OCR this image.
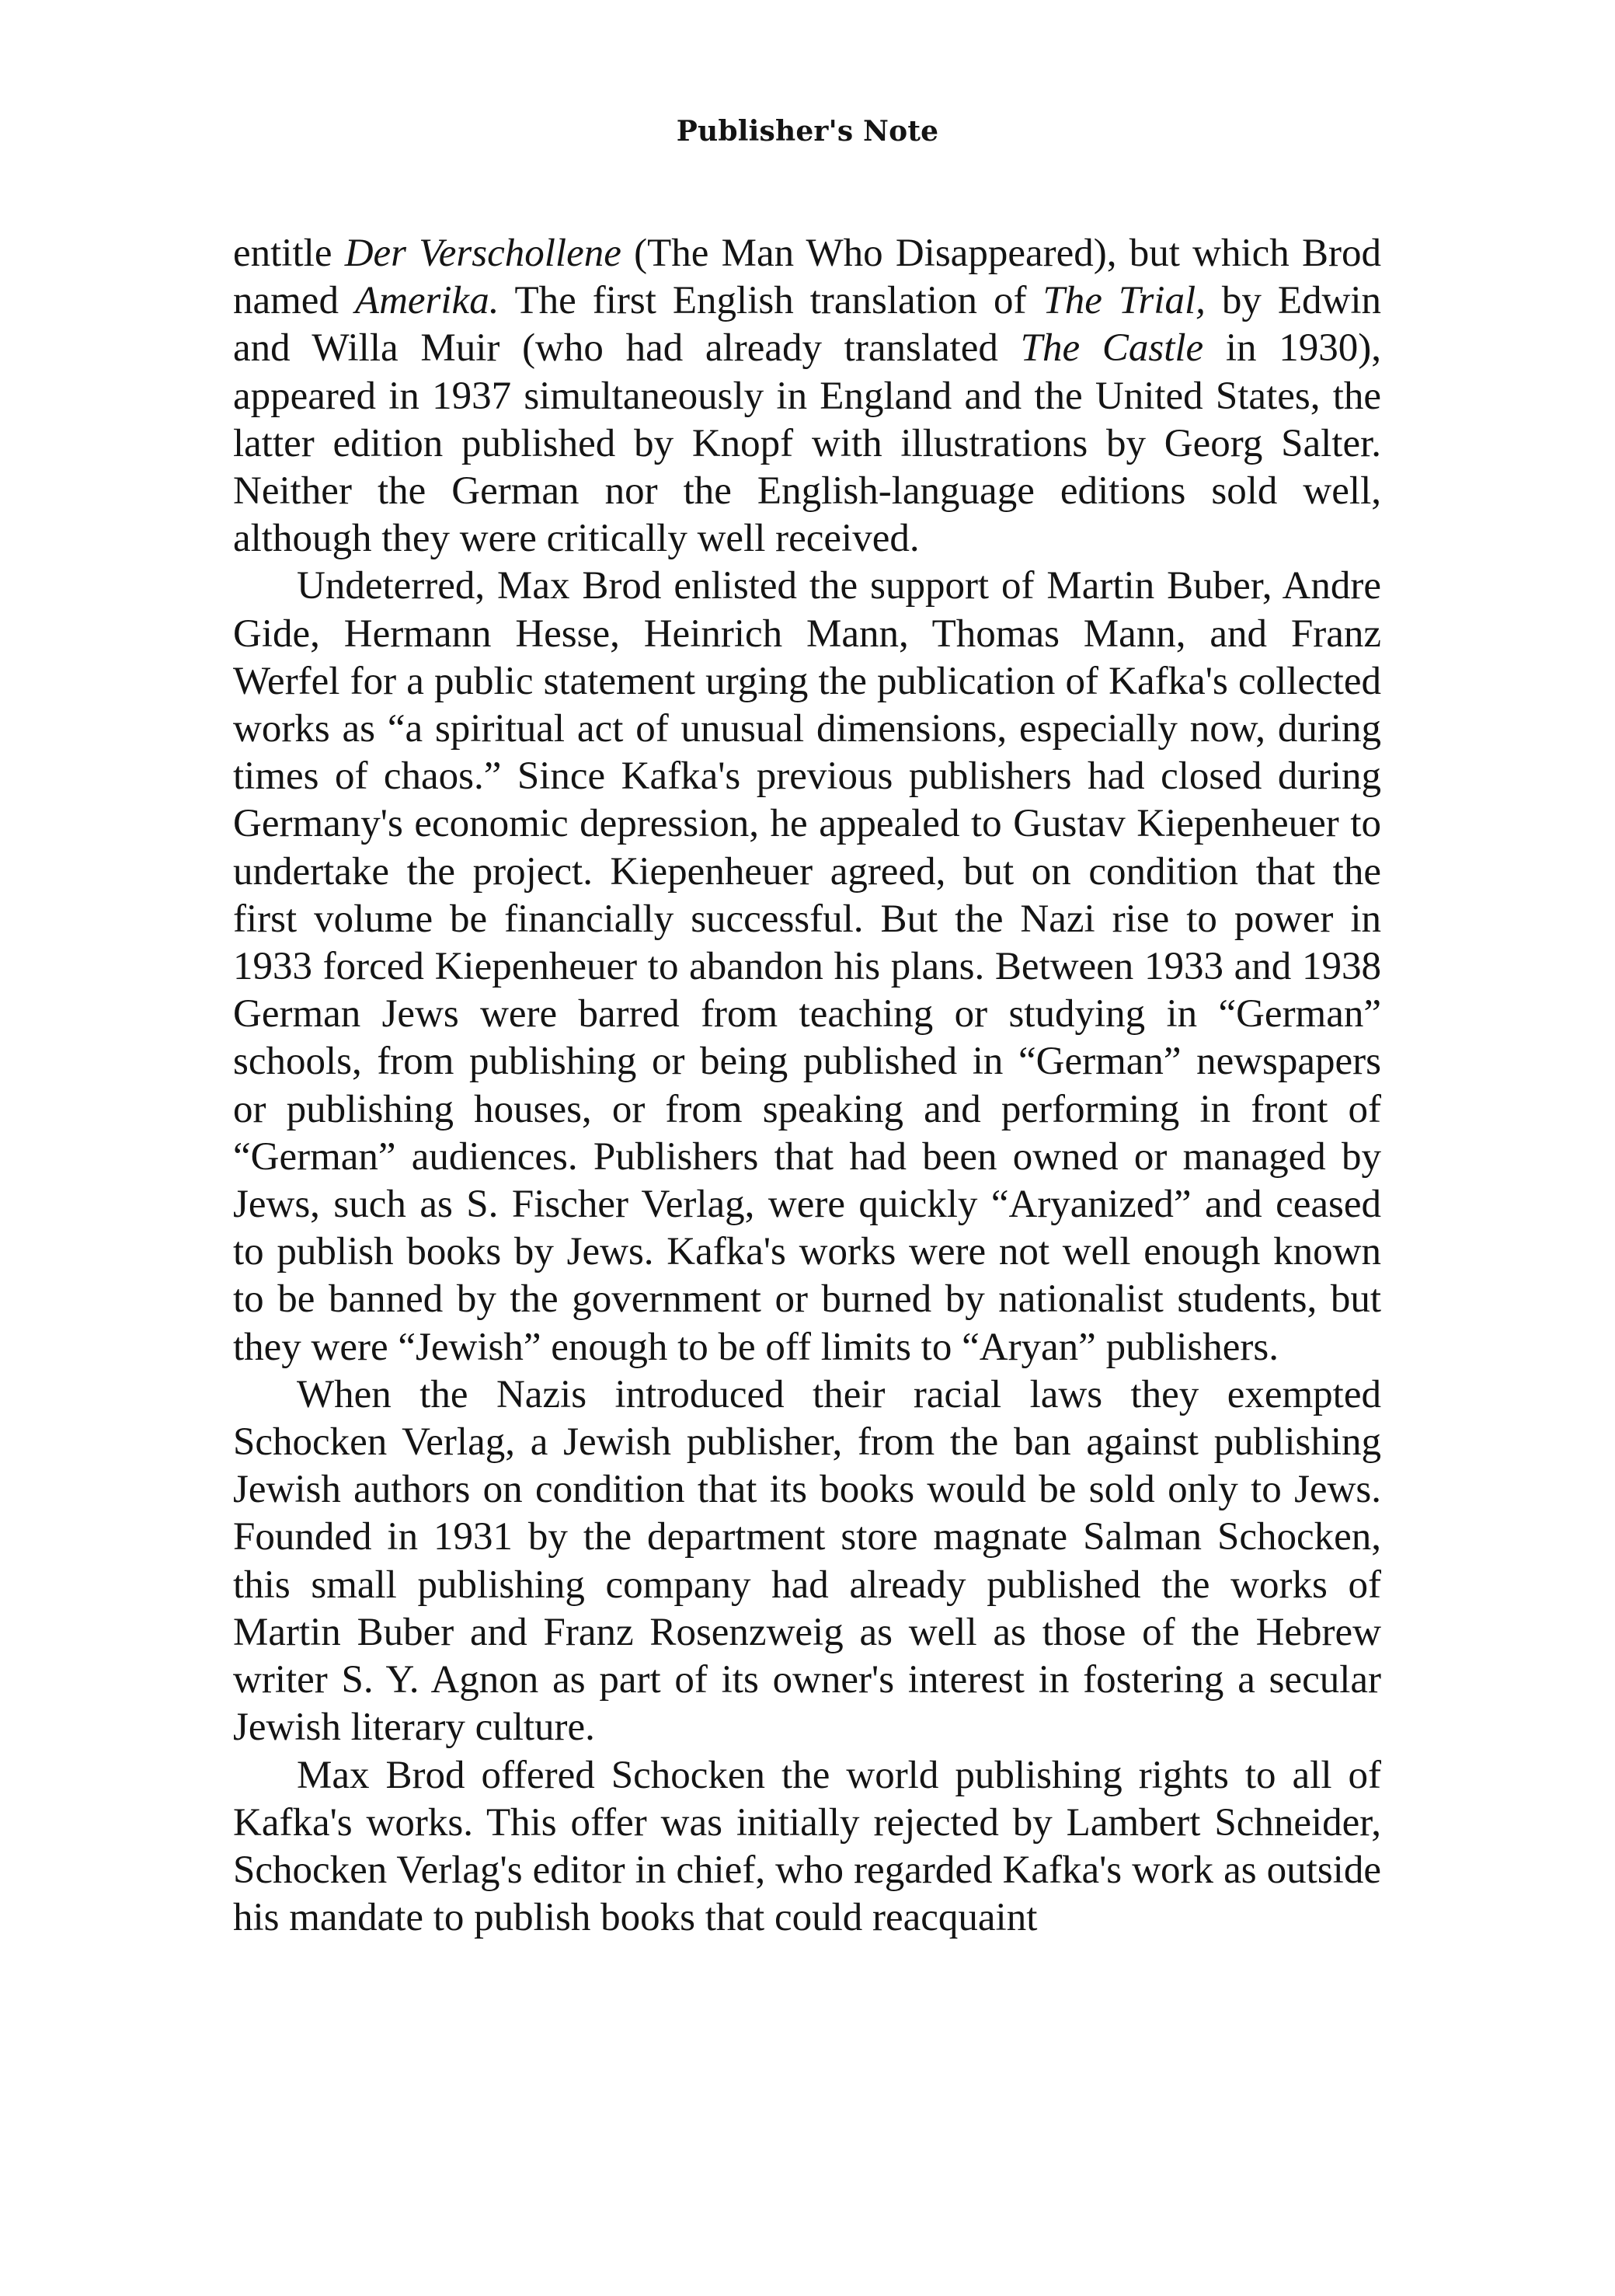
Publisher's Note

entitle Der Verschollene (The Man Who Disappeared), but which Brod named Amerika. The first English translation of The Trial, by Edwin and Willa Muir (who had already translated The Castle in 1930), appeared in 1937 simultaneously in England and the United States, the latter edition published by Knopf with illustrations by Georg Salter. Neither the German nor the English-language editions sold well, although they were critically well received.

Undeterred, Max Brod enlisted the support of Martin Buber, Andre Gide, Hermann Hesse, Heinrich Mann, Thomas Mann, and Franz Werfel for a public statement urging the publication of Kafka's collected works as “a spiritual act of unusual dimensions, especially now, during times of chaos.” Since Kafka's previous publishers had closed during Germany's economic depression, he appealed to Gustav Kiepenheuer to undertake the project. Kiepenheuer agreed, but on condition that the first volume be financially successful. But the Nazi rise to power in 1933 forced Kiepenheuer to abandon his plans. Between 1933 and 1938 German Jews were barred from teaching or studying in “German” schools, from publishing or being published in “German” newspapers or publishing houses, or from speaking and performing in front of “German” audiences. Publishers that had been owned or managed by Jews, such as S. Fischer Verlag, were quickly “Aryanized” and ceased to publish books by Jews. Kafka's works were not well enough known to be banned by the government or burned by nationalist students, but they were “Jewish” enough to be off limits to “Aryan” publishers.

When the Nazis introduced their racial laws they exempted Schocken Verlag, a Jewish publisher, from the ban against publishing Jewish authors on condition that its books would be sold only to Jews. Founded in 1931 by the department store magnate Salman Schocken, this small publishing company had already published the works of Martin Buber and Franz Rosenzweig as well as those of the Hebrew writer S. Y. Agnon as part of its owner's interest in fostering a secular Jewish literary culture.

Max Brod offered Schocken the world publishing rights to all of Kafka's works. This offer was initially rejected by Lambert Schneider, Schocken Verlag's editor in chief, who regarded Kafka's work as outside his mandate to publish books that could reacquaint
